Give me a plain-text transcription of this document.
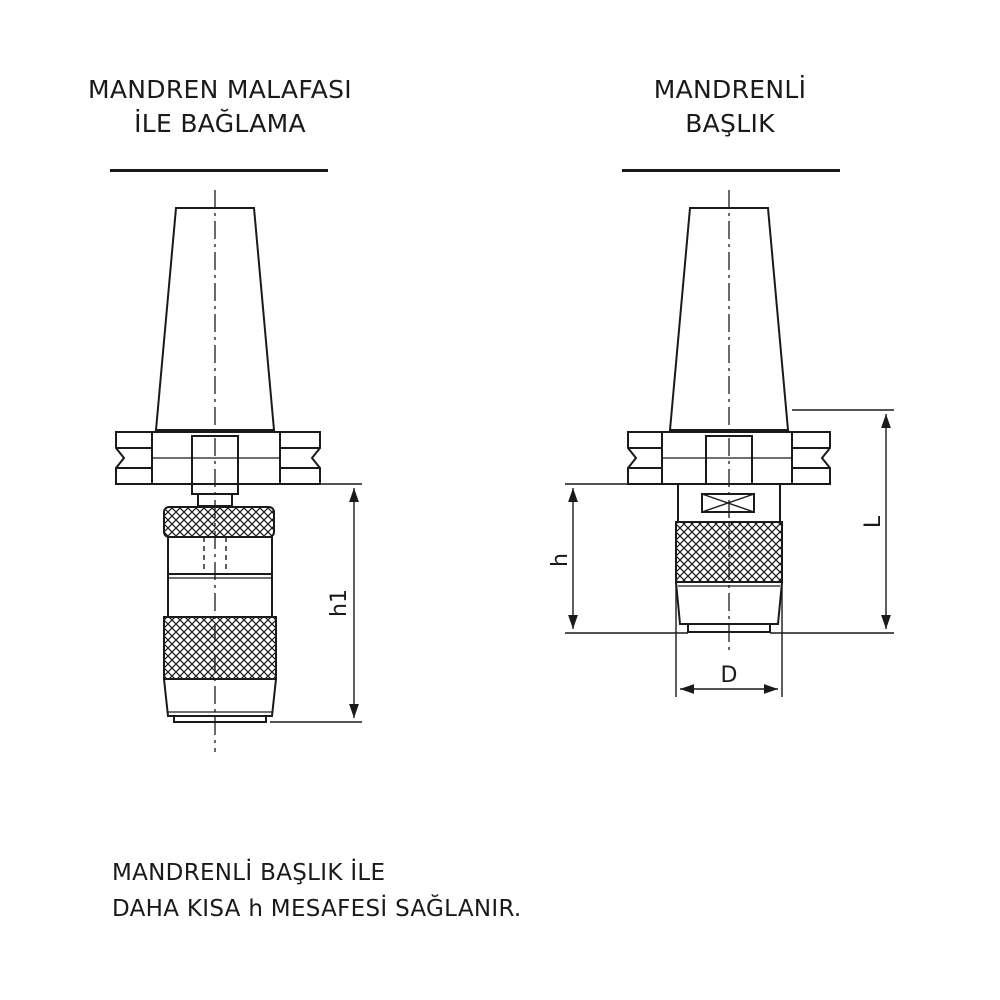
MANDREN MALAFASI
İLE BAĞLAMA
MANDRENLİ
BAŞLIK
h1
h
L
D
MANDRENLİ BAŞLIK İLE
DAHA KISA h MESAFESİ SAĞLANIR.
